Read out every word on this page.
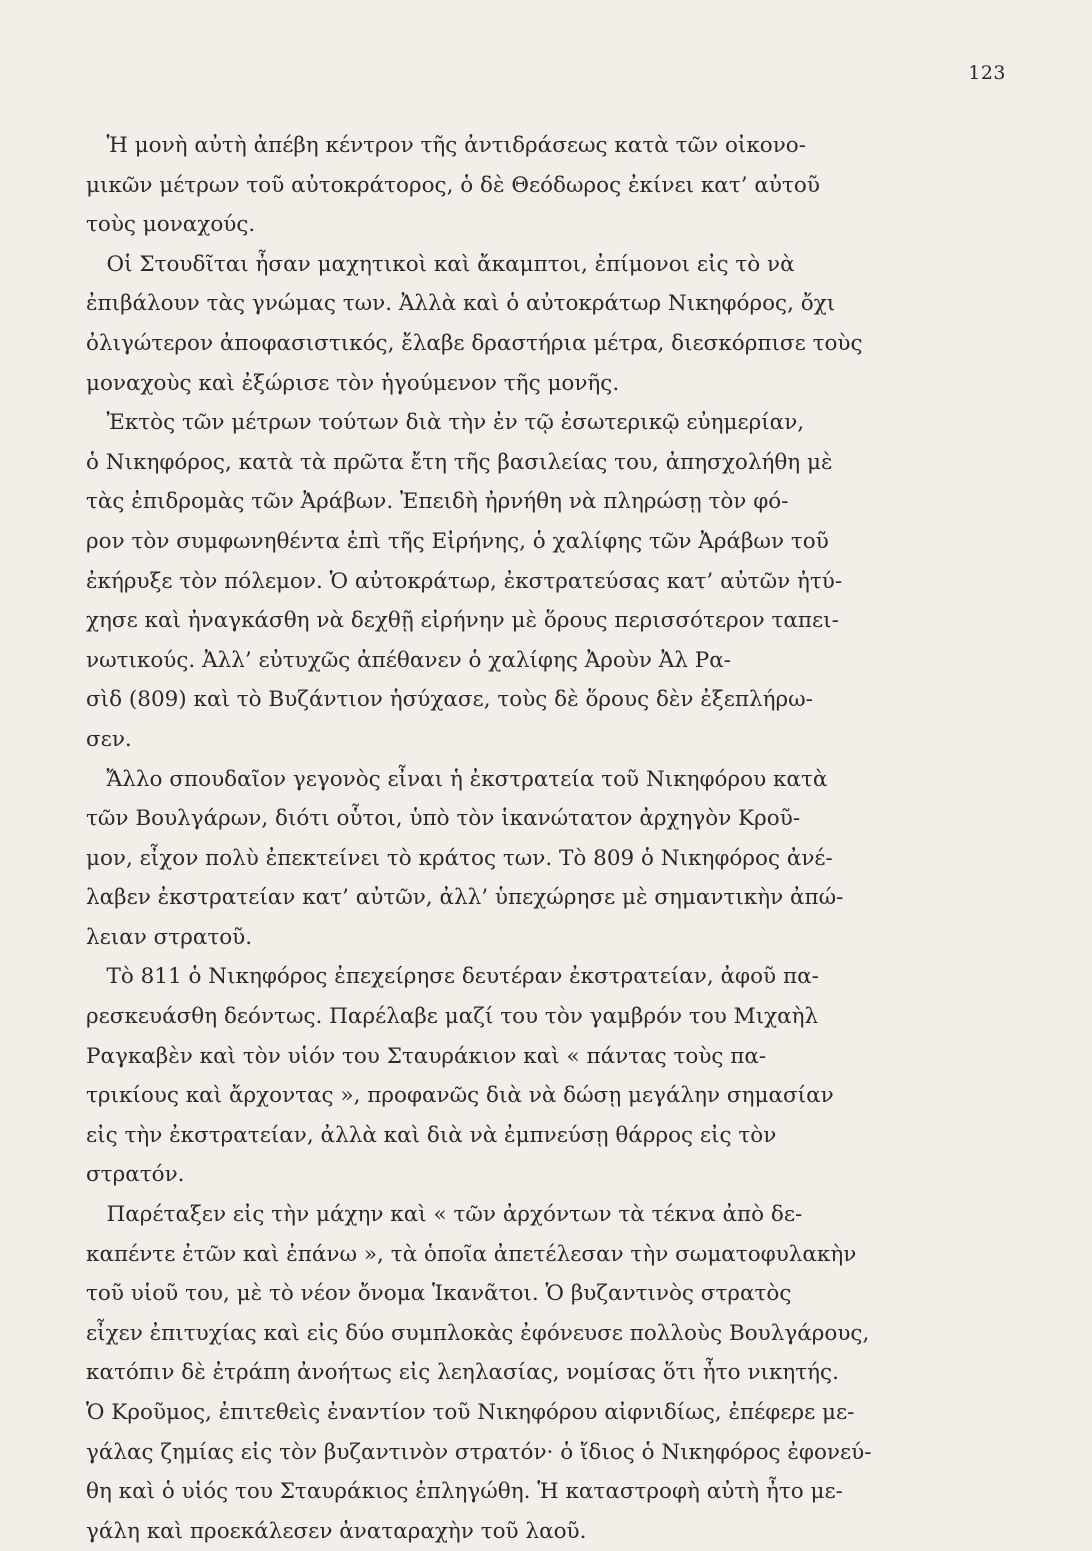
123
Ἡ μονὴ αὐτὴ ἀπέβη κέντρον τῆς ἀντιδράσεως κατὰ τῶν οἰκονο-
μικῶν μέτρων τοῦ αὐτοκράτορος, ὁ δὲ Θεόδωρος ἐκίνει κατ’ αὐτοῦ
τοὺς μοναχούς.
Οἱ Στουδῖται ἦσαν μαχητικοὶ καὶ ἄκαμπτοι, ἐπίμονοι εἰς τὸ νὰ
ἐπιβάλουν τὰς γνώμας των. Ἀλλὰ καὶ ὁ αὐτοκράτωρ Νικηφόρος, ὄχι
ὀλιγώτερον ἀποφασιστικός, ἔλαβε δραστήρια μέτρα, διεσκόρπισε τοὺς
μοναχοὺς καὶ ἐξώρισε τὸν ἡγούμενον τῆς μονῆς.
Ἐκτὸς τῶν μέτρων τούτων διὰ τὴν ἐν τῷ ἐσωτερικῷ εὐημερίαν,
ὁ Νικηφόρος, κατὰ τὰ πρῶτα ἔτη τῆς βασιλείας του, ἀπησχολήθη μὲ
τὰς ἐπιδρομὰς τῶν Ἀράβων. Ἐπειδὴ ἠρνήθη νὰ πληρώσῃ τὸν φό-
ρον τὸν συμφωνηθέντα ἐπὶ τῆς Εἰρήνης, ὁ χαλίφης τῶν Ἀράβων τοῦ
ἐκήρυξε τὸν πόλεμον. Ὁ αὐτοκράτωρ, ἐκστρατεύσας κατ’ αὐτῶν ἠτύ-
χησε καὶ ἠναγκάσθη νὰ δεχθῇ εἰρήνην μὲ ὅρους περισσότερον ταπει-
νωτικούς. Ἀλλ’ εὐτυχῶς ἀπέθανεν ὁ χαλίφης Ἀροὺν Ἀλ Ρα-
σὶδ (809) καὶ τὸ Βυζάντιον ἡσύχασε, τοὺς δὲ ὅρους δὲν ἐξεπλήρω-
σεν.
Ἄλλο σπουδαῖον γεγονὸς εἶναι ἡ ἐκστρατεία τοῦ Νικηφόρου κατὰ
τῶν Βουλγάρων, διότι οὗτοι, ὑπὸ τὸν ἱκανώτατον ἀρχηγὸν Κροῦ-
μον, εἶχον πολὺ ἐπεκτείνει τὸ κράτος των. Τὸ 809 ὁ Νικηφόρος ἀνέ-
λαβεν ἐκστρατείαν κατ’ αὐτῶν, ἀλλ’ ὑπεχώρησε μὲ σημαντικὴν ἀπώ-
λειαν στρατοῦ.
Τὸ 811 ὁ Νικηφόρος ἐπεχείρησε δευτέραν ἐκστρατείαν, ἀφοῦ πα-
ρεσκευάσθη δεόντως. Παρέλαβε μαζί του τὸν γαμβρόν του Μιχαὴλ
Ραγκαβὲν καὶ τὸν υἱόν του Σταυράκιον καὶ « πάντας τοὺς πα-
τρικίους καὶ ἄρχοντας », προφανῶς διὰ νὰ δώσῃ μεγάλην σημασίαν
εἰς τὴν ἐκστρατείαν, ἀλλὰ καὶ διὰ νὰ ἐμπνεύσῃ θάρρος εἰς τὸν
στρατόν.
Παρέταξεν εἰς τὴν μάχην καὶ « τῶν ἀρχόντων τὰ τέκνα ἀπὸ δε-
καπέντε ἐτῶν καὶ ἐπάνω », τὰ ὁποῖα ἀπετέλεσαν τὴν σωματοφυλακὴν
τοῦ υἱοῦ του, μὲ τὸ νέον ὄνομα Ἱκανᾶτοι. Ὁ βυζαντινὸς στρατὸς
εἶχεν ἐπιτυχίας καὶ εἰς δύο συμπλοκὰς ἐφόνευσε πολλοὺς Βουλγάρους,
κατόπιν δὲ ἐτράπη ἀνοήτως εἰς λεηλασίας, νομίσας ὅτι ἦτο νικητής.
Ὁ Κροῦμος, ἐπιτεθεὶς ἐναντίον τοῦ Νικηφόρου αἰφνιδίως, ἐπέφερε με-
γάλας ζημίας εἰς τὸν βυζαντινὸν στρατόν· ὁ ἴδιος ὁ Νικηφόρος ἐφονεύ-
θη καὶ ὁ υἱός του Σταυράκιος ἐπληγώθη. Ἡ καταστροφὴ αὐτὴ ἦτο με-
γάλη καὶ προεκάλεσεν ἀναταραχὴν τοῦ λαοῦ.
